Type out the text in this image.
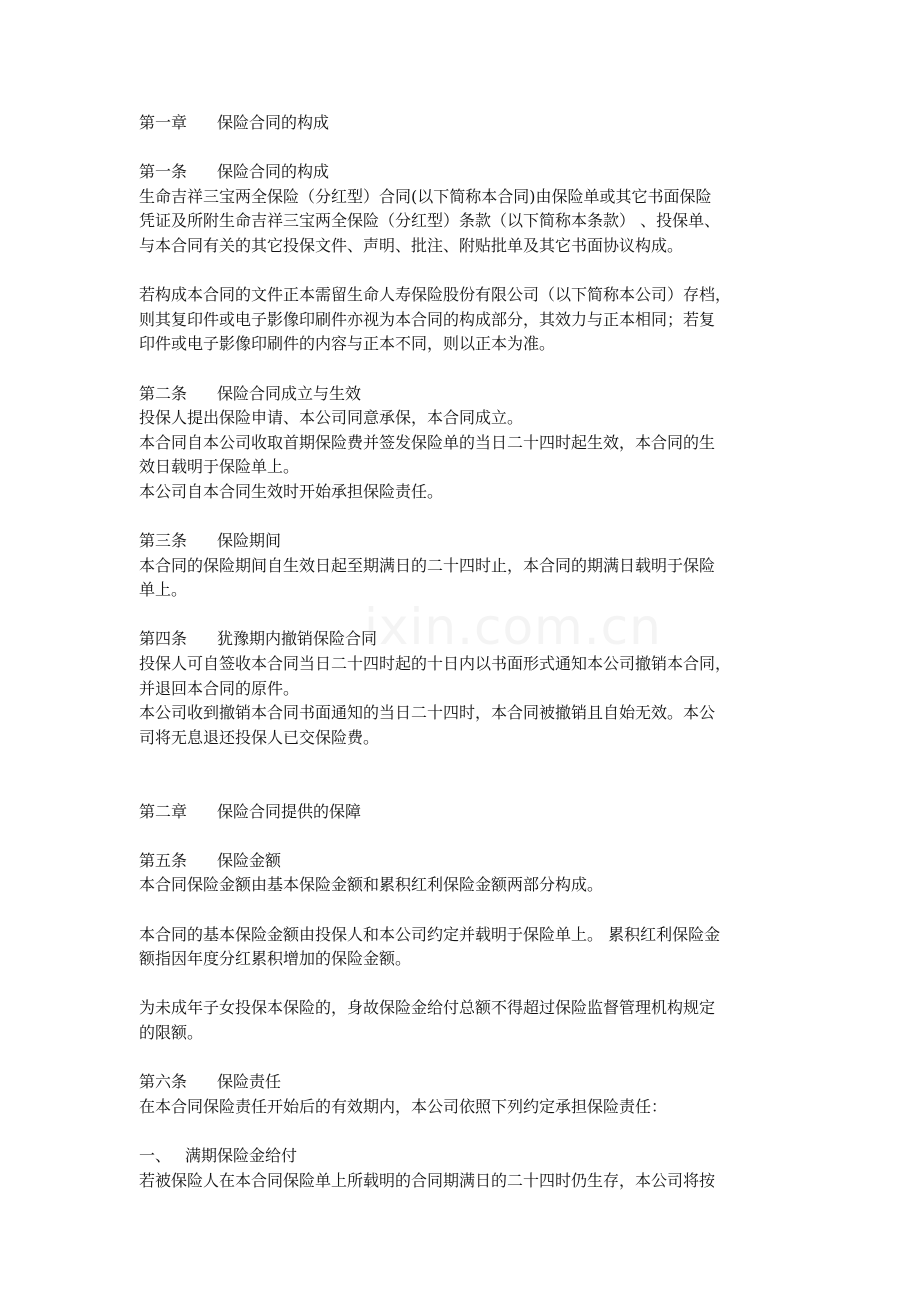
第一章 保险合同的构成
第一条 保险合同的构成
生命吉祥三宝两全保险（分红型）合同(以下简称本合同)由保险单或其它书面保险
凭证及所附生命吉祥三宝两全保险（分红型）条款（以下简称本条款） 、投保单、
与本合同有关的其它投保文件、声明、批注、附贴批单及其它书面协议构成。
若构成本合同的文件正本需留生命人寿保险股份有限公司（以下简称本公司）存档，
则其复印件或电子影像印刷件亦视为本合同的构成部分，其效力与正本相同；若复
印件或电子影像印刷件的内容与正本不同，则以正本为准。
第二条 保险合同成立与生效
投保人提出保险申请、本公司同意承保，本合同成立。
本合同自本公司收取首期保险费并签发保险单的当日二十四时起生效，本合同的生
效日载明于保险单上。
本公司自本合同生效时开始承担保险责任。
第三条 保险期间
本合同的保险期间自生效日起至期满日的二十四时止，本合同的期满日载明于保险
单上。
第四条 犹豫期内撤销保险合同
投保人可自签收本合同当日二十四时起的十日内以书面形式通知本公司撤销本合同，
并退回本合同的原件。
本公司收到撤销本合同书面通知的当日二十四时，本合同被撤销且自始无效。本公
司将无息退还投保人已交保险费。
第二章 保险合同提供的保障
第五条 保险金额
本合同保险金额由基本保险金额和累积红利保险金额两部分构成。
本合同的基本保险金额由投保人和本公司约定并载明于保险单上。 累积红利保险金
额指因年度分红累积增加的保险金额。
为未成年子女投保本保险的，身故保险金给付总额不得超过保险监督管理机构规定
的限额。
第六条 保险责任
在本合同保险责任开始后的有效期内，本公司依照下列约定承担保险责任：
一、 满期保险金给付
若被保险人在本合同保险单上所载明的合同期满日的二十四时仍生存，本公司将按
ixin.com.cn
